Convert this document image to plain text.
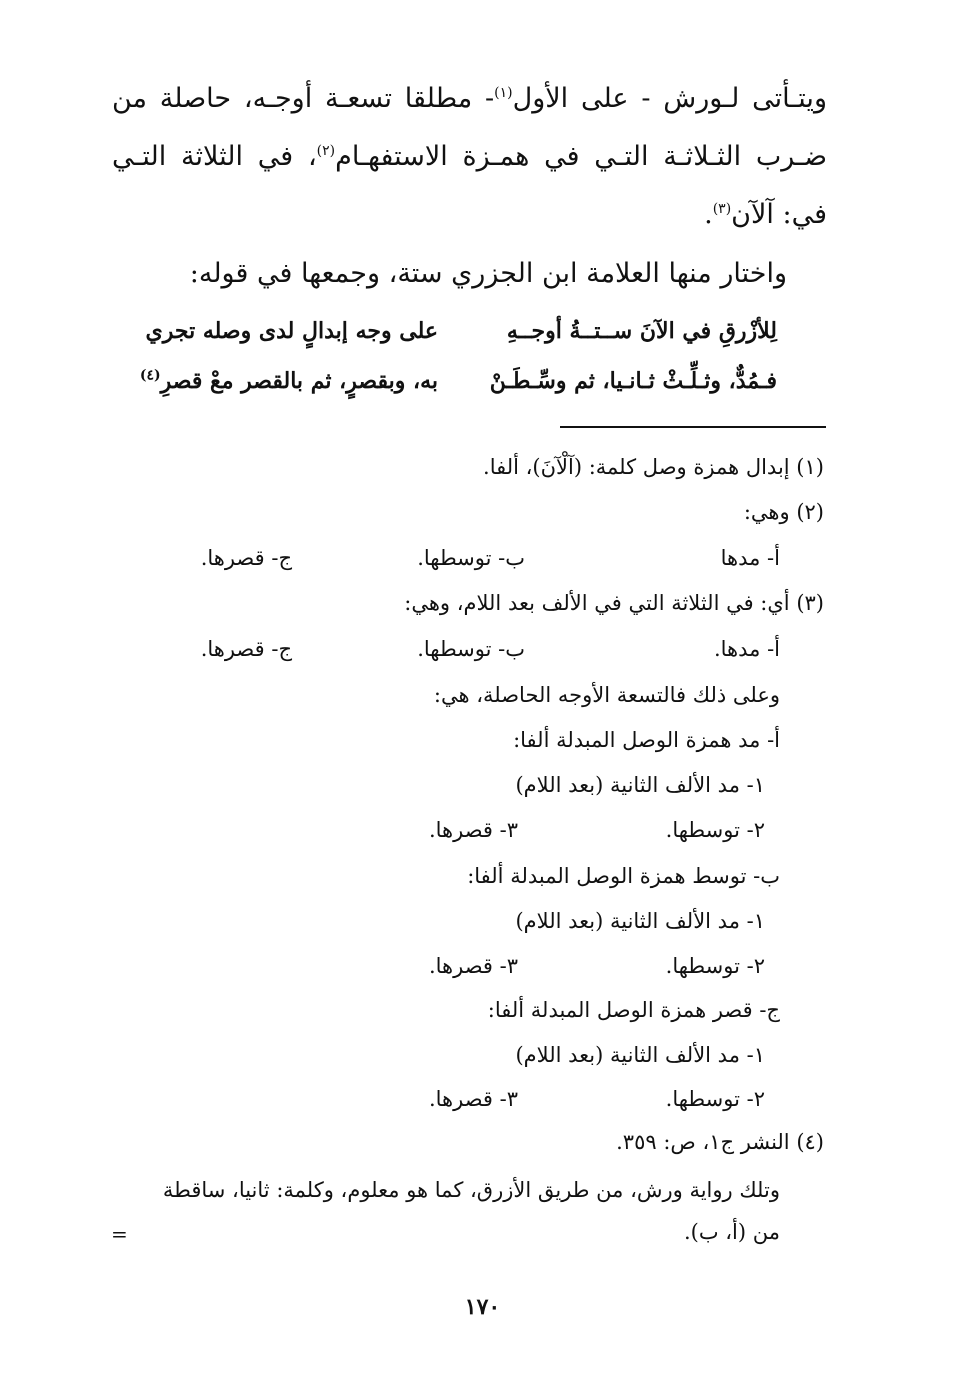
ويتـأتى لـورش - على الأول$^{(١)}$- مطلقا تسعـة أوجـه، حاصلة من ضـرب الثـلاثـة التـي في همـزة الاستفهـام$^{(٢)}$، في الثلاثة التـي في: آلآن$^{(٣)}$.
واختار منها العلامة ابن الجزري ستة، وجمعها في قوله:
لِلأزْرقِ في الآنَ ســتــةُ أوجــهِ
على وجه إبدالٍ لدى وصله تجري
فـمُدٌّ، وثـلِّـثْ ثـانـيا، ثم وسِّـطَـنْ
به، وبقصرٍ، ثم بالقصر معْ قصرِ$^{(٤)}$
(١) إبدال همزة وصل كلمة: (آلْآنَ)، ألفا.
(٢) وهي:
أ- مدها
ب- توسطها.
ج- قصرها.
(٣) أي: في الثلاثة التي في الألف بعد اللام، وهي:
أ- مدها.
ب- توسطها.
ج- قصرها.
وعلى ذلك فالتسعة الأوجه الحاصلة، هي:
أ- مد همزة الوصل المبدلة ألفا:
١- مد الألف الثانية (بعد اللام)
٢- توسطها.
٣- قصرها.
ب- توسط همزة الوصل المبدلة ألفا:
١- مد الألف الثانية (بعد اللام)
٢- توسطها.
٣- قصرها.
ج- قصر همزة الوصل المبدلة ألفا:
١- مد الألف الثانية (بعد اللام)
٢- توسطها.
٣- قصرها.
(٤) النشر ج١، ص: ٣٥٩.
وتلك رواية ورش، من طريق الأزرق، كما هو معلوم، وكلمة: ثانيا، ساقطة
من (أ، ب).
=
١٧٠
